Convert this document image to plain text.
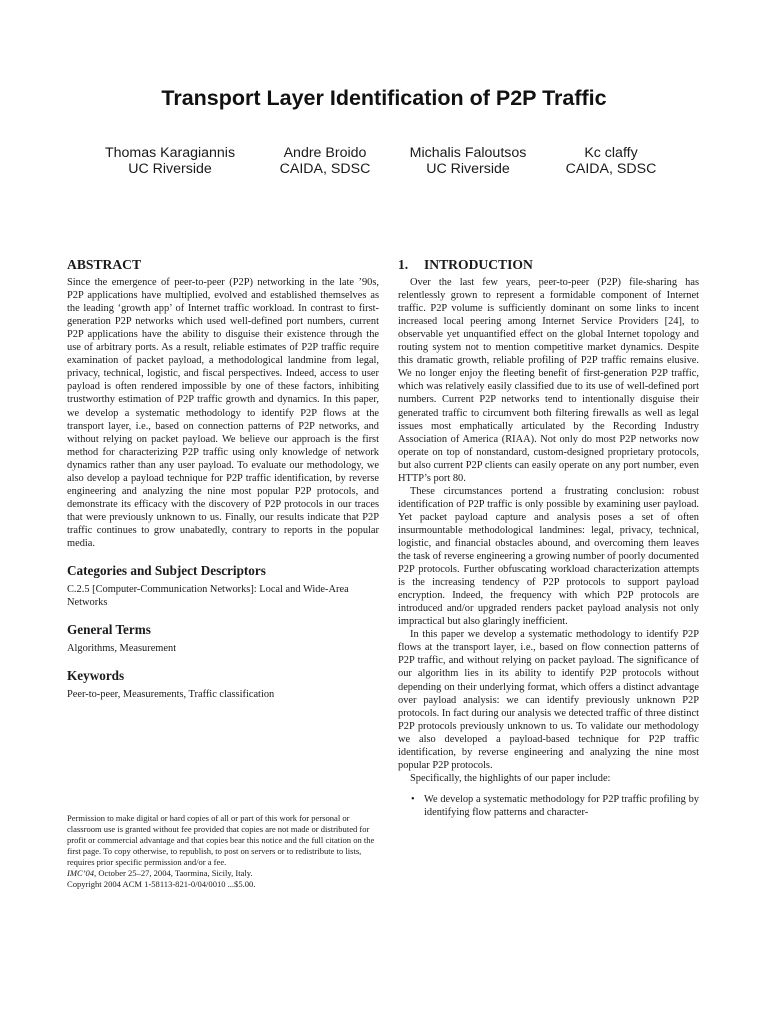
Transport Layer Identification of P2P Traffic
Thomas Karagiannis
UC Riverside
Andre Broido
CAIDA, SDSC
Michalis Faloutsos
UC Riverside
Kc claffy
CAIDA, SDSC
ABSTRACT

Since the emergence of peer-to-peer (P2P) networking in the late ’90s, P2P applications have multiplied, evolved and established themselves as the leading ‘growth app’ of Internet traffic workload. In contrast to first-generation P2P networks which used well-defined port numbers, current P2P applications have the ability to disguise their existence through the use of arbitrary ports. As a result, reliable estimates of P2P traffic require examination of packet payload, a methodological landmine from legal, privacy, technical, logistic, and fiscal perspectives. Indeed, access to user payload is often rendered impossible by one of these factors, inhibiting trustworthy estimation of P2P traffic growth and dynamics. In this paper, we develop a systematic methodology to identify P2P flows at the transport layer, i.e., based on connection patterns of P2P networks, and without relying on packet payload. We believe our approach is the first method for characterizing P2P traffic using only knowledge of network dynamics rather than any user payload. To evaluate our methodology, we also develop a payload technique for P2P traffic identification, by reverse engineering and analyzing the nine most popular P2P protocols, and demonstrate its efficacy with the discovery of P2P protocols in our traces that were previously unknown to us. Finally, our results indicate that P2P traffic continues to grow unabatedly, contrary to reports in the popular media.

Categories and Subject Descriptors

C.2.5 [Computer-Communication Networks]: Local and Wide-Area Networks

General Terms

Algorithms, Measurement

Keywords

Peer-to-peer, Measurements, Traffic classification

Permission to make digital or hard copies of all or part of this work for personal or classroom use is granted without fee provided that copies are not made or distributed for profit or commercial advantage and that copies bear this notice and the full citation on the first page. To copy otherwise, to republish, to post on servers or to redistribute to lists, requires prior specific permission and/or a fee.

IMC’04, October 25–27, 2004, Taormina, Sicily, Italy.

Copyright 2004 ACM 1-58113-821-0/04/0010 ...$5.00.

1. INTRODUCTION

Over the last few years, peer-to-peer (P2P) file-sharing has relentlessly grown to represent a formidable component of Internet traffic. P2P volume is sufficiently dominant on some links to incent increased local peering among Internet Service Providers [24], to observable yet unquantified effect on the global Internet topology and routing system not to mention competitive market dynamics. Despite this dramatic growth, reliable profiling of P2P traffic remains elusive. We no longer enjoy the fleeting benefit of first-generation P2P traffic, which was relatively easily classified due to its use of well-defined port numbers. Current P2P networks tend to intentionally disguise their generated traffic to circumvent both filtering firewalls as well as legal issues most emphatically articulated by the Recording Industry Association of America (RIAA). Not only do most P2P networks now operate on top of nonstandard, custom-designed proprietary protocols, but also current P2P clients can easily operate on any port number, even HTTP’s port 80.

These circumstances portend a frustrating conclusion: robust identification of P2P traffic is only possible by examining user payload. Yet packet payload capture and analysis poses a set of often insurmountable methodological landmines: legal, privacy, technical, logistic, and financial obstacles abound, and overcoming them leaves the task of reverse engineering a growing number of poorly documented P2P protocols. Further obfuscating workload characterization attempts is the increasing tendency of P2P protocols to support payload encryption. Indeed, the frequency with which P2P protocols are introduced and/or upgraded renders packet payload analysis not only impractical but also glaringly inefficient.

In this paper we develop a systematic methodology to identify P2P flows at the transport layer, i.e., based on flow connection patterns of P2P traffic, and without relying on packet payload. The significance of our algorithm lies in its ability to identify P2P protocols without depending on their underlying format, which offers a distinct advantage over payload analysis: we can identify previously unknown P2P protocols. In fact during our analysis we detected traffic of three distinct P2P protocols previously unknown to us. To validate our methodology we also developed a payload-based technique for P2P traffic identification, by reverse engineering and analyzing the nine most popular P2P protocols.

Specifically, the highlights of our paper include:

• We develop a systematic methodology for P2P traffic profiling by identifying flow patterns and character-
